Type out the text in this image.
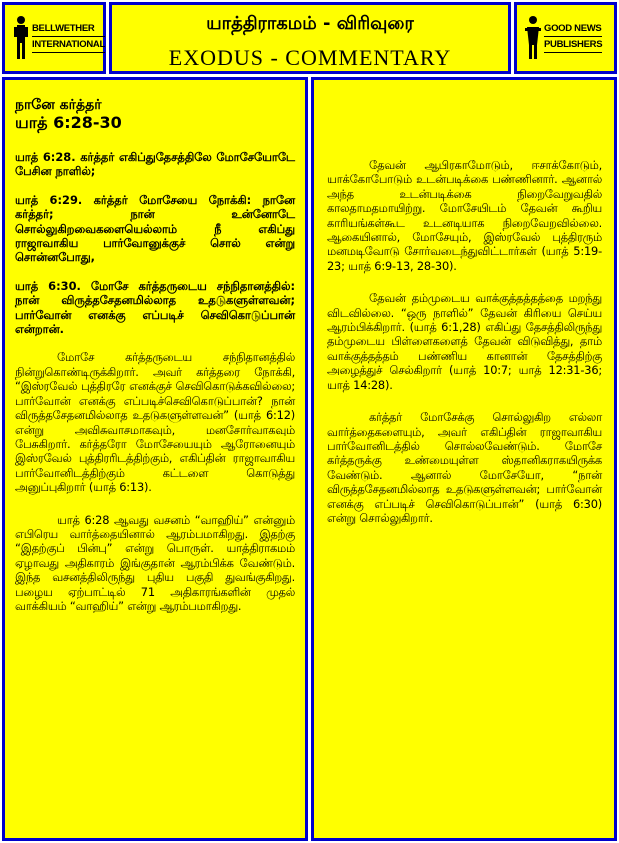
BELLWETHER
INTERNATIONAL
யாத்திராகமம் - விரிவுரை
EXODUS - COMMENTARY
GOOD NEWS
PUBLISHERS
நானே கர்த்தர்
யாத் 6:28-30

யாத் 6:28. கர்த்தர் எகிப்துதேசத்திலே மோசேயோடே பேசின நாளில்;

யாத் 6:29. கர்த்தர் மோசேயை நோக்கி: நானே கர்த்தர்; நான் உன்னோடே சொல்லுகிறவைகளையெல்லாம் நீ எகிப்து ராஜாவாகிய பார்வோனுக்குச் சொல் என்று சொன்னபோது,

யாத் 6:30. மோசே கர்த்தருடைய சந்நிதானத்தில்: நான் விருத்தசேதனமில்லாத உதடுகளுள்ளவன்; பார்வோன் எனக்கு எப்படிச் செவிகொடுப்பான் என்றான்.

மோசே கர்த்தருடைய சந்நிதானத்தில் நின்றுகொண்டிருக்கிறார். அவர் கர்த்தரை நோக்கி, “இஸ்ரவேல் புத்திரரே எனக்குச் செவிகொடுக்கவில்லை; பார்வோன் எனக்கு எப்படிச்செவிகொடுப்பான்? நான் விருத்தசேதனமில்லாத உதடுகளுள்ளவன்” (யாத் 6:12) என்று அவிசுவாசமாகவும், மனசோர்வாகவும் பேசுகிறார். கர்த்தரோ மோசேயையும் ஆரோனையும் இஸ்ரவேல் புத்திரரிடத்திற்கும், எகிப்தின் ராஜாவாகிய பார்வோனிடத்திற்கும் கட்டளை கொடுத்து அனுப்புகிறார் (யாத் 6:13).

யாத் 6:28 ஆவது வசனம் “வாஹிய்” என்னும் எபிரெய வார்த்தையினால் ஆரம்பமாகிறது. இதற்கு “இதற்குப் பின்பு” என்று பொருள். யாத்திராகமம் ஏழாவது அதிகாரம் இங்குதான் ஆரம்பிக்க வேண்டும். இந்த வசனத்திலிருந்து புதிய பகுதி துவங்குகிறது. பழைய ஏற்பாட்டில் 71 அதிகாரங்களின் முதல் வாக்கியம் “வாஹிய்” என்று ஆரம்பமாகிறது.

தேவன் ஆபிரகாமோடும், ஈசாக்கோடும், யாக்கோபோடும் உடன்படிக்கை பண்ணினார். ஆனால் அந்த உடன்படிக்கை நிறைவேறுவதில் காலதாமதமாயிற்று. மோசேயிடம் தேவன் கூறிய காரியங்கள்கூட உடனடியாக நிறைவேறவில்லை. ஆகையினால், மோசேயும், இஸ்ரவேல் புத்திரரும் மனமடிவோடு சோர்வடைந்துவிட்டார்கள் (யாத் 5:19-23; யாத் 6:9-13, 28-30).

தேவன் தம்முடைய வாக்குத்தத்தத்தை மறந்து விடவில்லை. “ஒரு நாளில்” தேவன் கிரியை செய்ய ஆரம்பிக்கிறார். (யாத் 6:1,28) எகிப்து தேசத்திலிருந்து தம்முடைய பிள்ளைகளைத் தேவன் விடுவித்து, தாம் வாக்குத்தத்தம் பண்ணிய கானான் தேசத்திற்கு அழைத்துச் செல்கிறார் (யாத் 10:7; யாத் 12:31-36; யாத் 14:28).

கர்த்தர் மோசேக்கு சொல்லுகிற எல்லா வார்த்தைகளையும், அவர் எகிப்தின் ராஜாவாகிய பார்வோனிடத்தில் சொல்லவேண்டும். மோசே கர்த்தருக்கு உண்மையுள்ள ஸ்தானிகராகயிருக்க வேண்டும். ஆனால் மோசேயோ, “நான் விருத்தசேதனமில்லாத உதடுகளுள்ளவன்; பார்வோன் எனக்கு எப்படிச் செவிகொடுப்பான்” (யாத் 6:30) என்று சொல்லுகிறார்.
